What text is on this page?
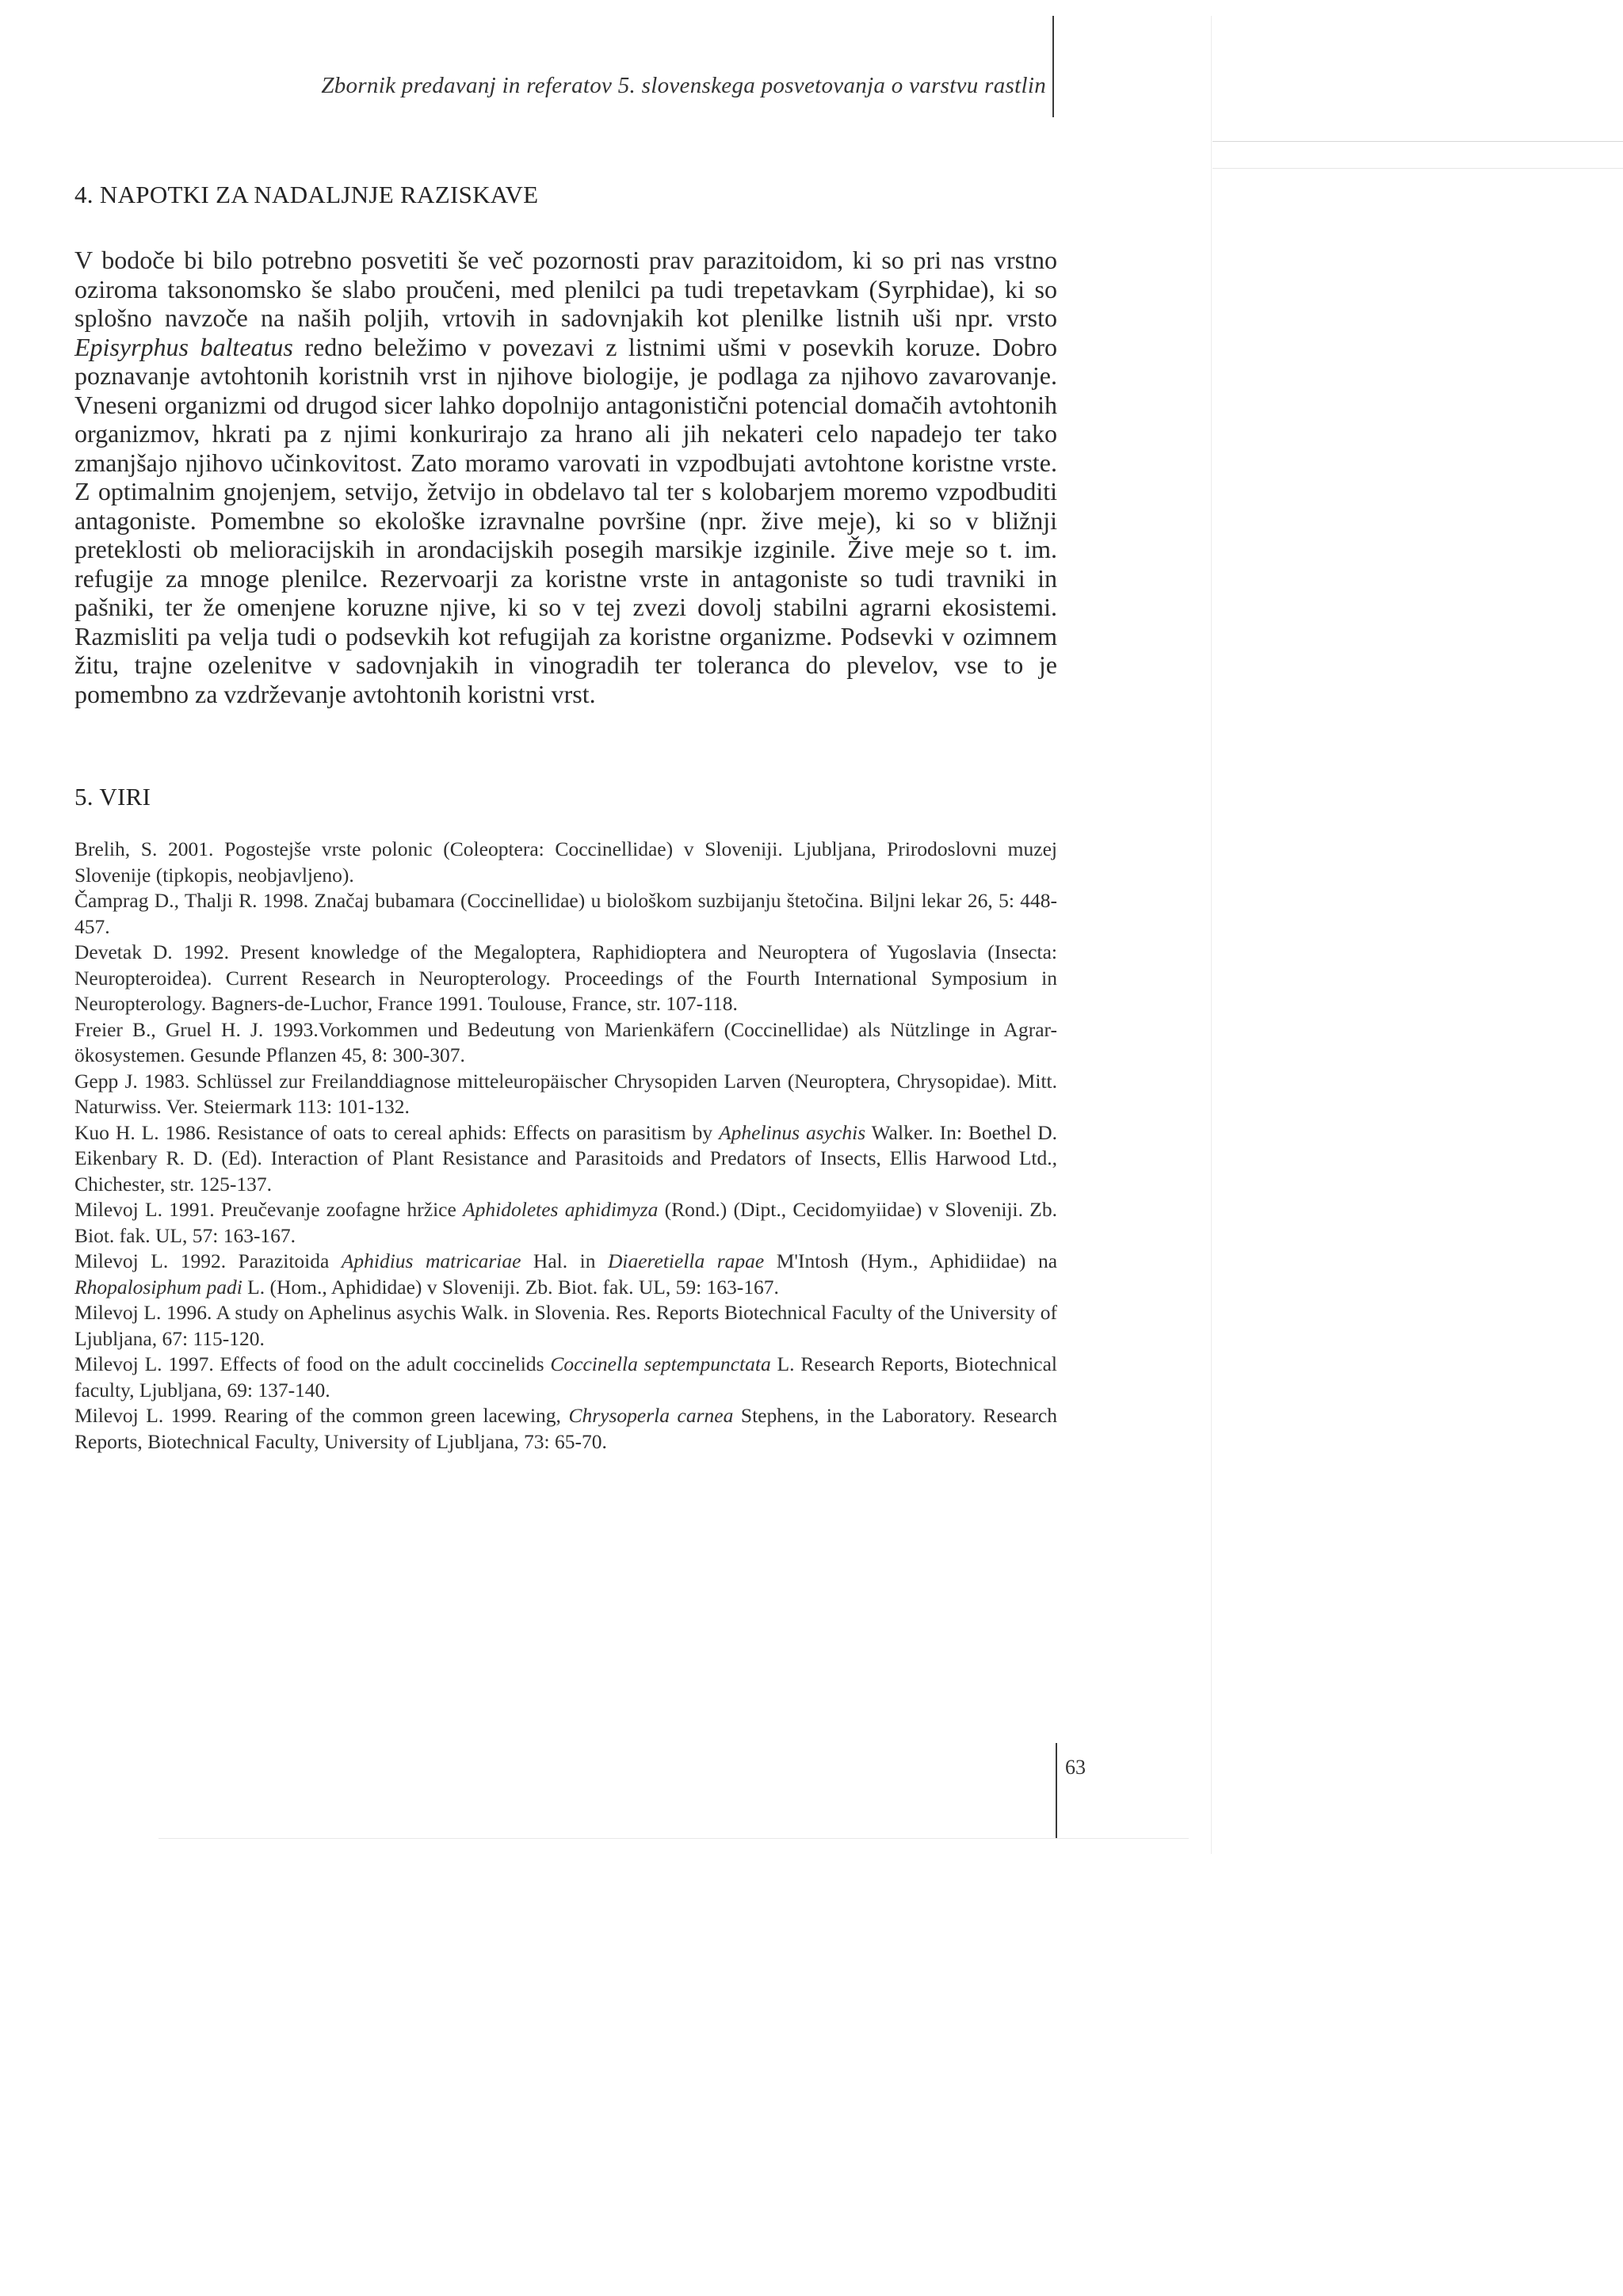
Zbornik predavanj in referatov 5. slovenskega posvetovanja o varstvu rastlin
4. NAPOTKI ZA NADALJNJE RAZISKAVE

V bodoče bi bilo potrebno posvetiti še več pozornosti prav parazitoidom, ki so pri nas vrstno oziroma taksonomsko še slabo proučeni, med plenilci pa tudi trepetavkam (Syrphidae), ki so splošno navzoče na naših poljih, vrtovih in sadovnjakih kot plenilke listnih uši npr. vrsto Episyrphus balteatus redno beležimo v povezavi z listnimi ušmi v posevkih koruze. Dobro poznavanje avtohtonih koristnih vrst in njihove biologije, je podlaga za njihovo zavarovanje. Vneseni organizmi od drugod sicer lahko dopolnijo antagonistični potencial domačih avtohtonih organizmov, hkrati pa z njimi konkurirajo za hrano ali jih nekateri celo napadejo ter tako zmanjšajo njihovo učinkovitost. Zato moramo varovati in vzpodbujati avtohtone koristne vrste. Z optimalnim gnojenjem, setvijo, žetvijo in obdelavo tal ter s kolobarjem moremo vzpodbuditi antagoniste. Pomembne so ekološke izravnalne površine (npr. žive meje), ki so v bližnji preteklosti ob melioracijskih in arondacijskih posegih marsikje izginile. Žive meje so t. im. refugije za mnoge plenilce. Rezervoarji za koristne vrste in antagoniste so tudi travniki in pašniki, ter že omenjene koruzne njive, ki so v tej zvezi dovolj stabilni agrarni ekosistemi. Razmisliti pa velja tudi o podsevkih kot refugijah za koristne organizme. Podsevki v ozimnem žitu, trajne ozelenitve v sadovnjakih in vinogradih ter toleranca do plevelov, vse to je pomembno za vzdrževanje avtohtonih koristni vrst.

5. VIRI
Brelih, S. 2001. Pogostejše vrste polonic (Coleoptera: Coccinellidae) v Sloveniji. Ljubljana, Prirodoslovni muzej Slovenije (tipkopis, neobjavljeno).
Čamprag D., Thalji R. 1998. Značaj bubamara (Coccinellidae) u biološkom suzbijanju štetočina. Biljni lekar 26, 5: 448-457.
Devetak D. 1992. Present knowledge of the Megaloptera, Raphidioptera and Neuroptera of Yugoslavia (Insecta: Neuropteroidea). Current Research in Neuropterology. Proceedings of the Fourth International Symposium in Neuropterology. Bagners-de-Luchor, France 1991. Toulouse, France, str. 107-118.
Freier B., Gruel H. J. 1993.Vorkommen und Bedeutung von Marienkäfern (Coccinellidae) als Nützlinge in Agrar-ökosystemen. Gesunde Pflanzen 45, 8: 300-307.
Gepp J. 1983. Schlüssel zur Freilanddiagnose mitteleuropäischer Chrysopiden Larven (Neuroptera, Chrysopidae). Mitt. Naturwiss. Ver. Steiermark 113: 101-132.
Kuo H. L. 1986. Resistance of oats to cereal aphids: Effects on parasitism by Aphelinus asychis Walker. In: Boethel D. Eikenbary R. D. (Ed). Interaction of Plant Resistance and Parasitoids and Predators of Insects, Ellis Harwood Ltd., Chichester, str. 125-137.
Milevoj L. 1991. Preučevanje zoofagne hržice Aphidoletes aphidimyza (Rond.) (Dipt., Cecidomyiidae) v Sloveniji. Zb. Biot. fak. UL, 57: 163-167.
Milevoj L. 1992. Parazitoida Aphidius matricariae Hal. in Diaeretiella rapae M'Intosh (Hym., Aphidiidae) na Rhopalosiphum padi L. (Hom., Aphididae) v Sloveniji. Zb. Biot. fak. UL, 59: 163-167.
Milevoj L. 1996. A study on Aphelinus asychis Walk. in Slovenia. Res. Reports Biotechnical Faculty of the University of Ljubljana, 67: 115-120.
Milevoj L. 1997. Effects of food on the adult coccinelids Coccinella septempunctata L. Research Reports, Biotechnical faculty, Ljubljana, 69: 137-140.
Milevoj L. 1999. Rearing of the common green lacewing, Chrysoperla carnea Stephens, in the Laboratory. Research Reports, Biotechnical Faculty, University of Ljubljana, 73: 65-70.
63
